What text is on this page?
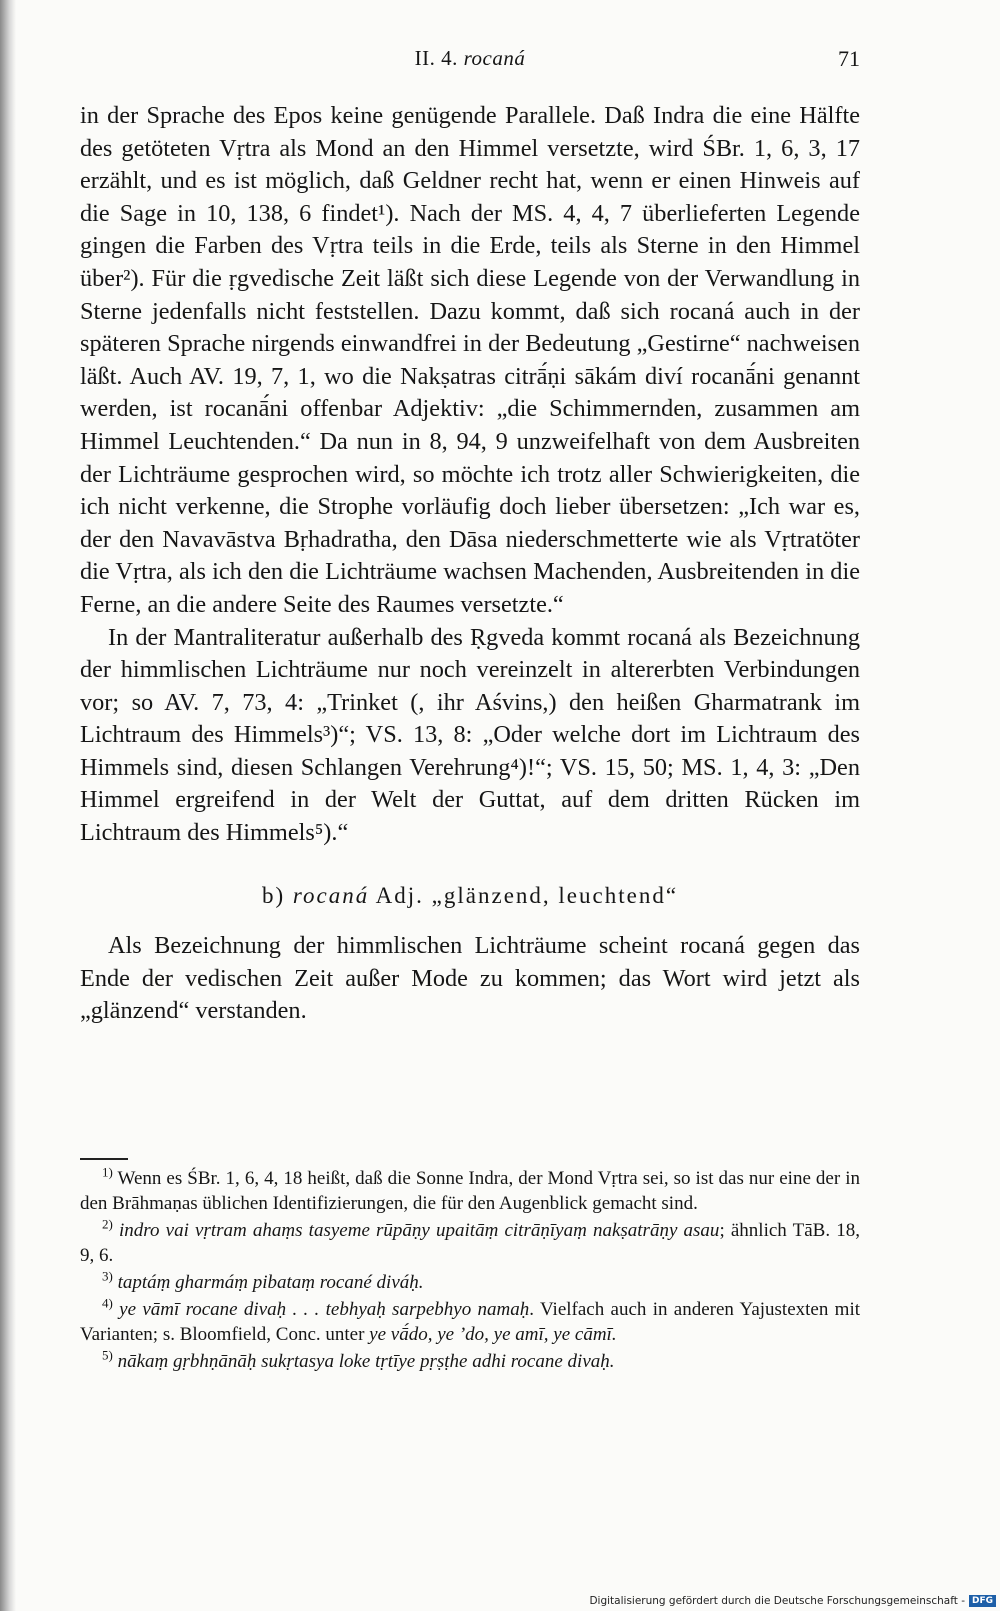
II. 4. rocaná	71

in der Sprache des Epos keine genügende Parallele. Daß Indra die eine Hälfte des getöteten Vṛtra als Mond an den Himmel versetzte, wird ŚBr. 1, 6, 3, 17 erzählt, und es ist möglich, daß Geldner recht hat, wenn er einen Hinweis auf die Sage in 10, 138, 6 findet¹). Nach der MS. 4, 4, 7 überlieferten Legende gingen die Farben des Vṛtra teils in die Erde, teils als Sterne in den Himmel über²). Für die ṛgvedische Zeit läßt sich diese Legende von der Verwandlung in Sterne jedenfalls nicht feststellen. Dazu kommt, daß sich rocaná auch in der späteren Sprache nirgends einwandfrei in der Bedeutung „Gestirne“ nachweisen läßt. Auch AV. 19, 7, 1, wo die Nakṣatras citrā́ṇi sākám diví rocanā́ni genannt werden, ist rocanā́ni offenbar Adjektiv: „die Schimmernden, zusammen am Himmel Leuchtenden.“ Da nun in 8, 94, 9 unzweifelhaft von dem Ausbreiten der Lichträume gesprochen wird, so möchte ich trotz aller Schwierigkeiten, die ich nicht verkenne, die Strophe vorläufig doch lieber übersetzen: „Ich war es, der den Navavāstva Bṛhadratha, den Dāsa niederschmetterte wie als Vṛtratöter die Vṛtra, als ich den die Lichträume wachsen Machenden, Ausbreitenden in die Ferne, an die andere Seite des Raumes versetzte.“

In der Mantraliteratur außerhalb des Ṛgveda kommt rocaná als Bezeichnung der himmlischen Lichträume nur noch vereinzelt in altererbten Verbindungen vor; so AV. 7, 73, 4: „Trinket (, ihr Aśvins,) den heißen Gharmatrank im Lichtraum des Himmels³)“; VS. 13, 8: „Oder welche dort im Lichtraum des Himmels sind, diesen Schlangen Verehrung⁴)!“; VS. 15, 50; MS. 1, 4, 3: „Den Himmel ergreifend in der Welt der Guttat, auf dem dritten Rücken im Lichtraum des Himmels⁵).“

b) rocaná Adj. „glänzend, leuchtend“

Als Bezeichnung der himmlischen Lichträume scheint rocaná gegen das Ende der vedischen Zeit außer Mode zu kommen; das Wort wird jetzt als „glänzend“ verstanden.

$^{1)}$ Wenn es ŚBr. 1, 6, 4, 18 heißt, daß die Sonne Indra, der Mond Vṛtra sei, so ist das nur eine der in den Brāhmaṇas üblichen Identifizierungen, die für den Augenblick gemacht sind.
$^{2)}$ indro vai vṛtram ahaṃs tasyeme rūpāṇy upaitāṃ citrāṇīyaṃ nakṣatrāṇy asau; ähnlich TāB. 18, 9, 6.
$^{3)}$ taptáṃ gharmáṃ pibataṃ rocané diváḥ.
$^{4)}$ ye vāmī rocane divaḥ . . . tebhyaḥ sarpebhyo namaḥ. Vielfach auch in anderen Yajustexten mit Varianten; s. Bloomfield, Conc. unter ye vā́do, ye ’do, ye amī, ye cāmī.
$^{5)}$ nākaṃ gṛbhṇānāḥ sukṛtasya loke tṛtīye pṛṣṭhe adhi rocane divaḥ.
Digitalisierung gefördert durch die Deutsche Forschungsgemeinschaft - DFG
